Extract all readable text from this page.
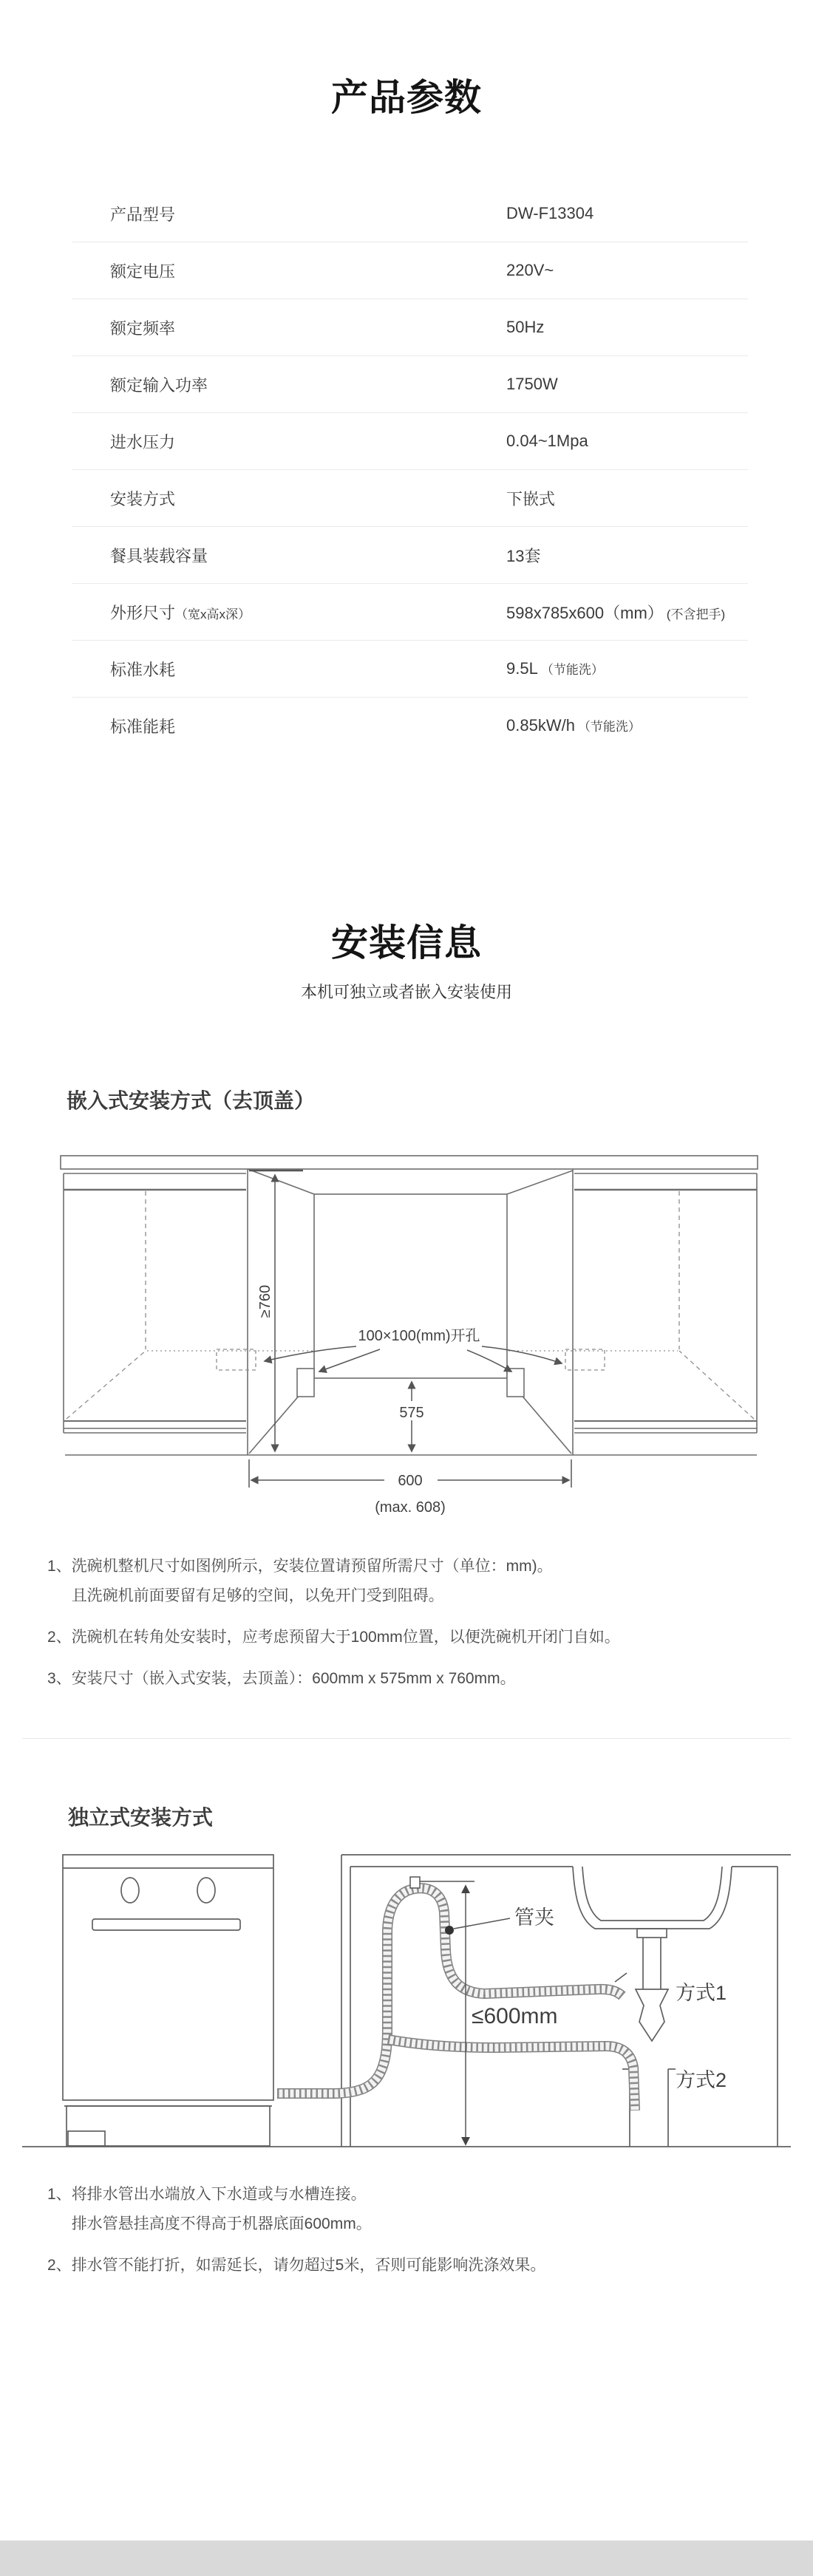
产品参数
产品型号	DW-F13304
额定电压	220V~
额定频率	50Hz
额定输入功率	1750W
进水压力	0.04~1Mpa
安装方式	下嵌式
餐具装载容量	13套
外形尺寸（宽x高x深）	598x785x600（mm） (不含把手)
标准水耗	9.5L （节能洗）
标准能耗	0.85kW/h （节能洗）
安装信息
本机可独立或者嵌入安装使用
嵌入式安装方式（去顶盖）
≥760
100×100(mm)开孔
575
600
(max. 608)
1、 洗碗机整机尺寸如图例所示，安装位置请预留所需尺寸（单位：mm)。
且洗碗机前面要留有足够的空间，以免开门受到阻碍。
2、 洗碗机在转角处安装时，应考虑预留大于100mm位置，以便洗碗机开闭门自如。
3、 安装尺寸（嵌入式安装，去顶盖）：600mm x 575mm x 760mm。
独立式安装方式
管夹
方式1
≤600mm
方式2
1、 将排水管出水端放入下水道或与水槽连接。
排水管悬挂高度不得高于机器底面600mm。
2、 排水管不能打折，如需延长，请勿超过5米，否则可能影响洗涤效果。
